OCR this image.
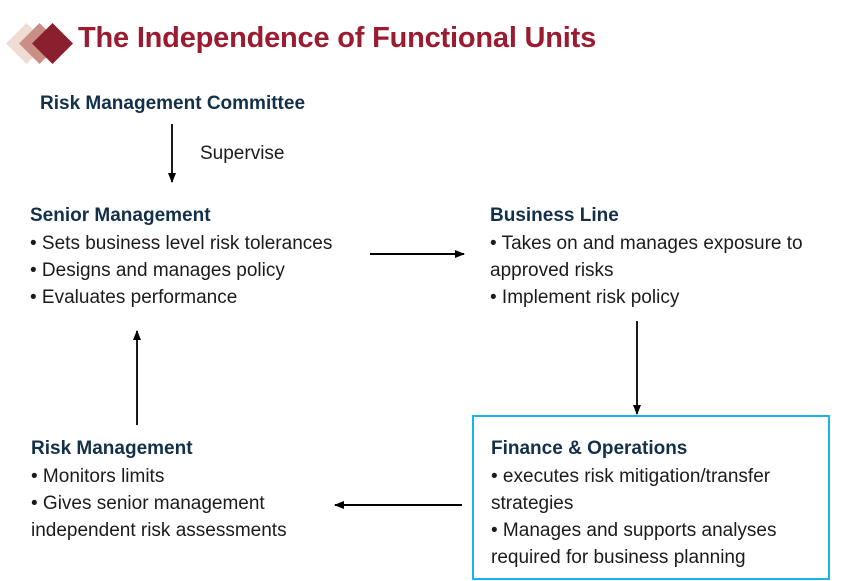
The Independence of Functional Units
Supervise
Risk Management Committee
Senior Management
• Sets business level risk tolerances
• Designs and manages policy
• Evaluates performance
Business Line
• Takes on and manages exposure to approved risks
• Implement risk policy
Risk Management
• Monitors limits
• Gives senior management independent risk assessments
Finance & Operations
• executes risk mitigation/transfer strategies
• Manages and supports analyses required for business planning
